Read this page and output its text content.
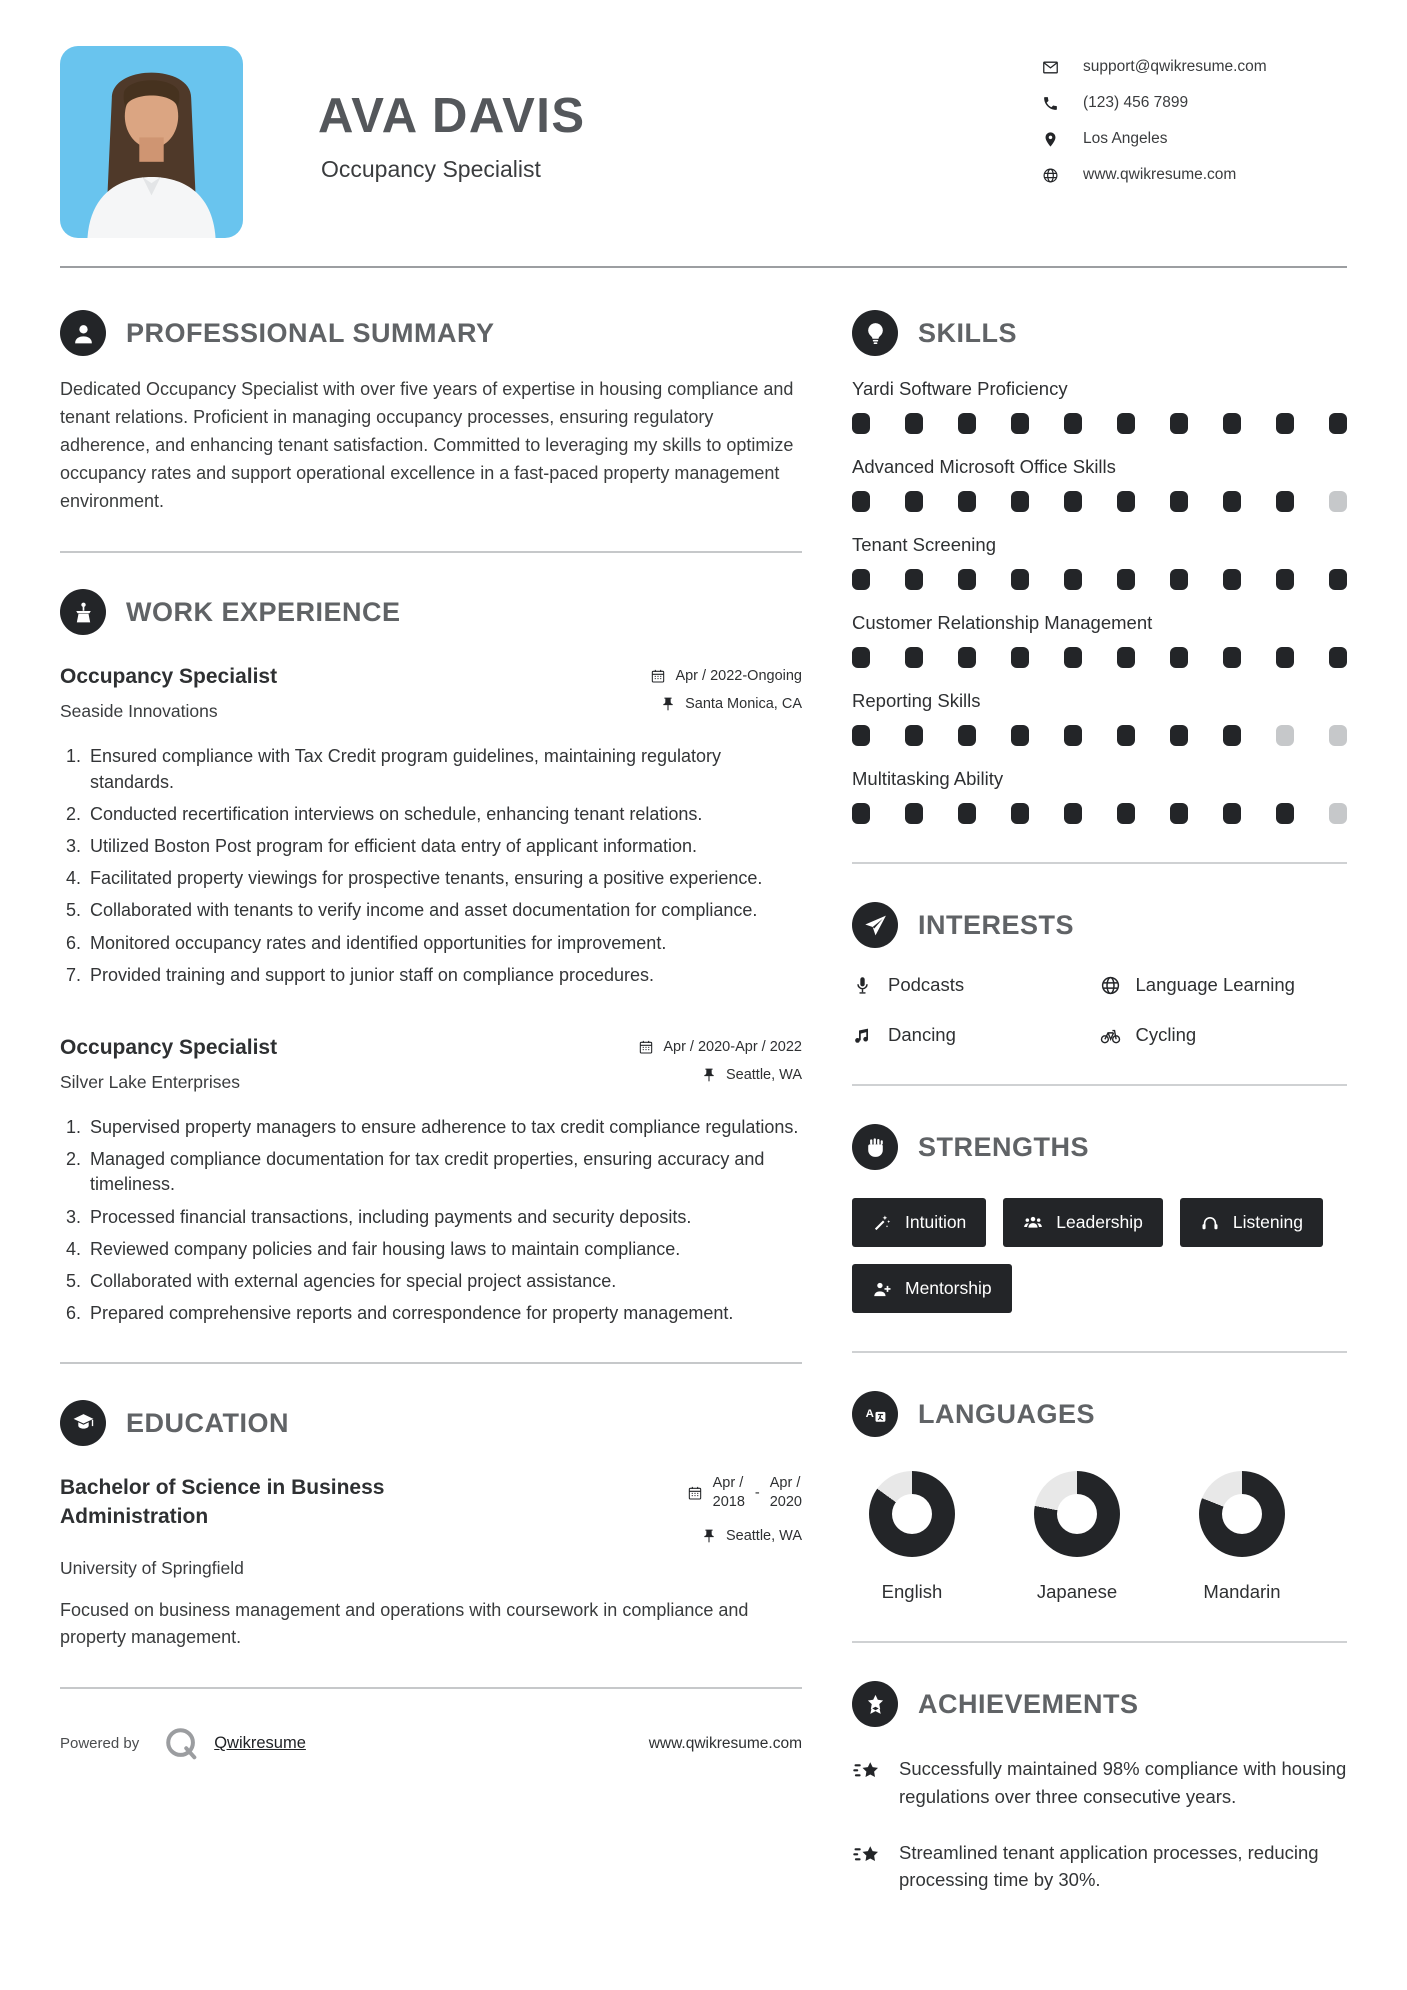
AVA DAVIS
Occupancy Specialist
support@qwikresume.com
(123) 456 7899
Los Angeles
www.qwikresume.com
PROFESSIONAL SUMMARY

Dedicated Occupancy Specialist with over five years of expertise in housing compliance and tenant relations. Proficient in managing occupancy processes, ensuring regulatory adherence, and enhancing tenant satisfaction. Committed to leveraging my skills to optimize occupancy rates and support operational excellence in a fast-paced property management environment.

WORK EXPERIENCE
Occupancy Specialist
Seaside Innovations
Apr / 2022-Ongoing
Santa Monica, CA
1. Ensured compliance with Tax Credit program guidelines, maintaining regulatory standards.
2. Conducted recertification interviews on schedule, enhancing tenant relations.
3. Utilized Boston Post program for efficient data entry of applicant information.
4. Facilitated property viewings for prospective tenants, ensuring a positive experience.
5. Collaborated with tenants to verify income and asset documentation for compliance.
6. Monitored occupancy rates and identified opportunities for improvement.
7. Provided training and support to junior staff on compliance procedures.
Occupancy Specialist
Silver Lake Enterprises
Apr / 2020-Apr / 2022
Seattle, WA
1. Supervised property managers to ensure adherence to tax credit compliance regulations.
2. Managed compliance documentation for tax credit properties, ensuring accuracy and timeliness.
3. Processed financial transactions, including payments and security deposits.
4. Reviewed company policies and fair housing laws to maintain compliance.
5. Collaborated with external agencies for special project assistance.
6. Prepared comprehensive reports and correspondence for property management.
EDUCATION
Bachelor of Science in Business Administration
Apr /
2018
-
Apr /
2020
Seattle, WA
University of Springfield

Focused on business management and operations with coursework in compliance and property management.

Powered by	Qwikresume	www.qwikresume.com
SKILLS
Yardi Software Proficiency
Advanced Microsoft Office Skills
Tenant Screening
Customer Relationship Management
Reporting Skills
Multitasking Ability
INTERESTS
Podcasts	Language Learning
Dancing	Cycling
STRENGTHS
Intuition	Leadership	Listening
Mentorship
A LANGUAGES
English	Japanese	Mandarin
ACHIEVEMENTS
Successfully maintained 98% compliance with housing regulations over three consecutive years.
Streamlined tenant application processes, reducing processing time by 30%.
